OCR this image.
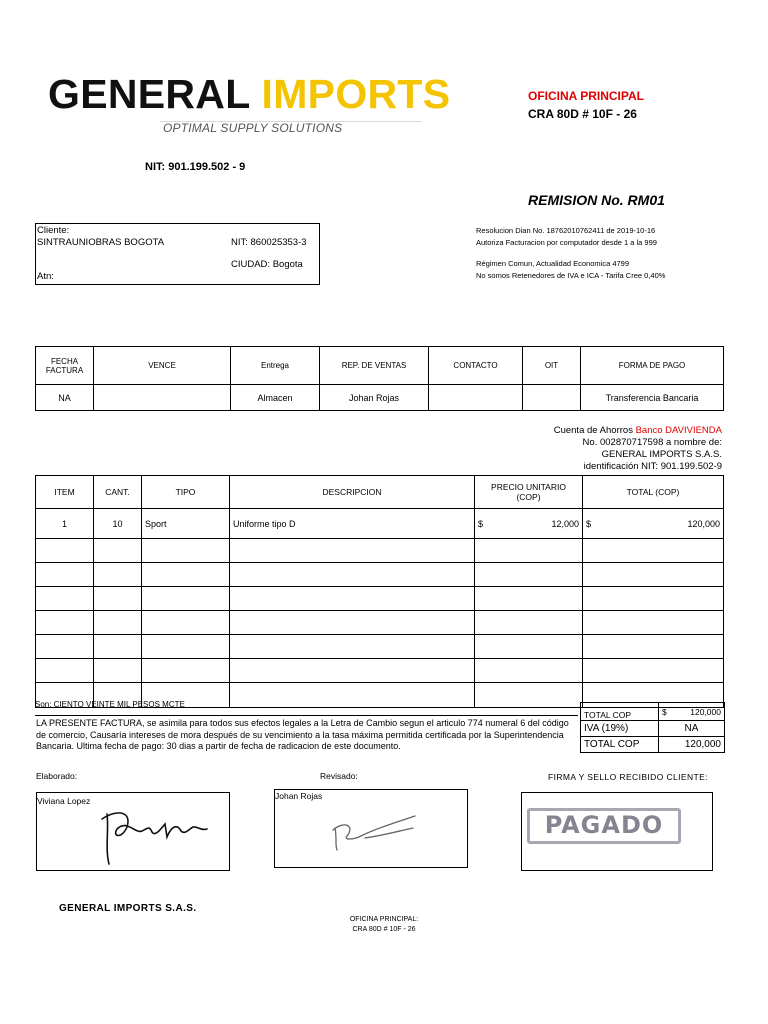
GENERAL IMPORTS
OPTIMAL SUPPLY SOLUTIONS
OFICINA PRINCIPAL
CRA 80D # 10F - 26
NIT: 901.199.502 - 9
REMISION No. RM01
Cliente:
SINTRAUNIOBRAS BOGOTA	NIT: 860025353-3
CIUDAD: Bogota
Atn:
Resolucion Dian No. 18762010762411 de 2019-10-16
Autoriza Facturacion por computador desde 1 a la 999
Régimen Comun, Actualidad Economica 4799
No somos Retenedores de IVA e ICA - Tarifa Cree 0,40%
FECHA FACTURA	VENCE	Entrega	REP. DE VENTAS	CONTACTO	OIT	FORMA DE PAGO
NA		Almacen	Johan Rojas			Transferencia Bancaria
Cuenta de Ahorros Banco DAVIVIENDA
No. 002870717598 a nombre de:
GENERAL IMPORTS S.A.S.
identificación NIT: 901.199.502-9
ITEM	CANT.	TIPO	DESCRIPCION	PRECIO UNITARIO (COP)	TOTAL (COP)
1	10	Sport	Uniforme tipo D	$ 12,000	$ 120,000

Son: CIENTO VEINTE MIL PESOS MCTE
LA PRESENTE FACTURA, se asimila para todos sus efectos legales a la Letra de Cambio segun el articulo 774 numeral 6 del código de comercio, Causaría intereses de mora después de su vencimiento a la tasa máxima permitida certificada por la Superintendencia Bancaria. Ultima fecha de pago: 30 dias a partir de fecha de radicacion de este documento.
TOTAL COP	$ 120,000

IVA (19%)	NA
TOTAL COP	120,000
Elaborado:
Viviana Lopez
Revisado:
Johan Rojas
FIRMA Y SELLO RECIBIDO CLIENTE:
PAGADO
GENERAL IMPORTS S.A.S.
OFICINA PRINCIPAL:
CRA 80D # 10F - 26
